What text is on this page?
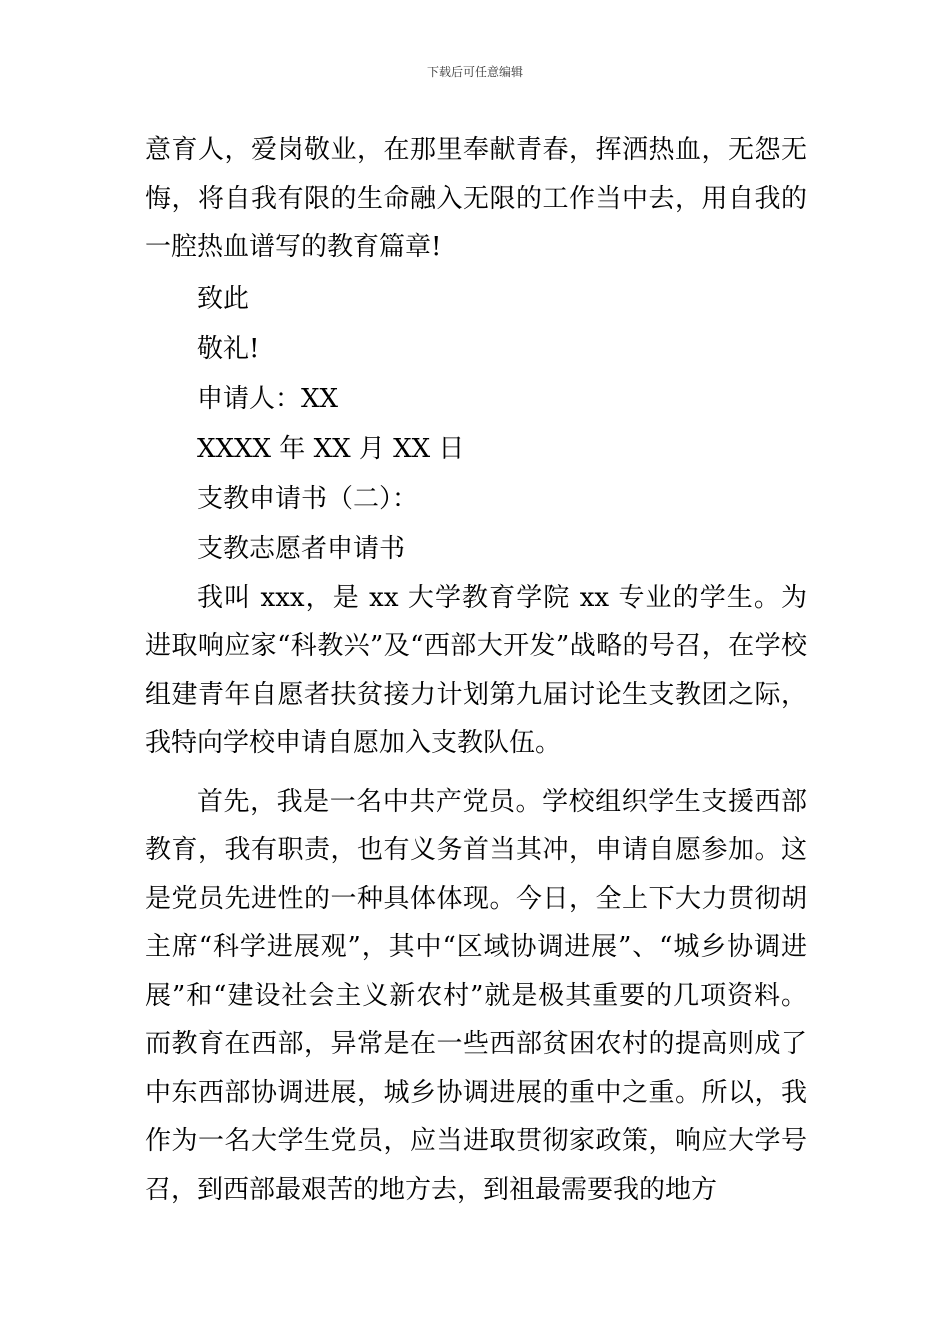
下载后可任意编辑

意育人，爱岗敬业，在那里奉献青春，挥洒热血，无怨无悔，将自我有限的生命融入无限的工作当中去，用自我的一腔热血谱写的教育篇章!

致此

敬礼!

申请人：XX

XXXX 年 XX 月 XX 日

支教申请书（二）：

支教志愿者申请书

我叫 xxx，是 xx 大学教育学院 xx 专业的学生。为进取响应家“科教兴”及“西部大开发”战略的号召，在学校组建青年自愿者扶贫接力计划第九届讨论生支教团之际，我特向学校申请自愿加入支教队伍。

首先，我是一名中共产党员。学校组织学生支援西部教育，我有职责，也有义务首当其冲，申请自愿参加。这是党员先进性的一种具体体现。今日，全上下大力贯彻胡主席“科学进展观”，其中“区域协调进展”、“城乡协调进展”和“建设社会主义新农村”就是极其重要的几项资料。而教育在西部，异常是在一些西部贫困农村的提高则成了中东西部协调进展，城乡协调进展的重中之重。所以，我作为一名大学生党员，应当进取贯彻家政策，响应大学号召，到西部最艰苦的地方去，到祖最需要我的地方
